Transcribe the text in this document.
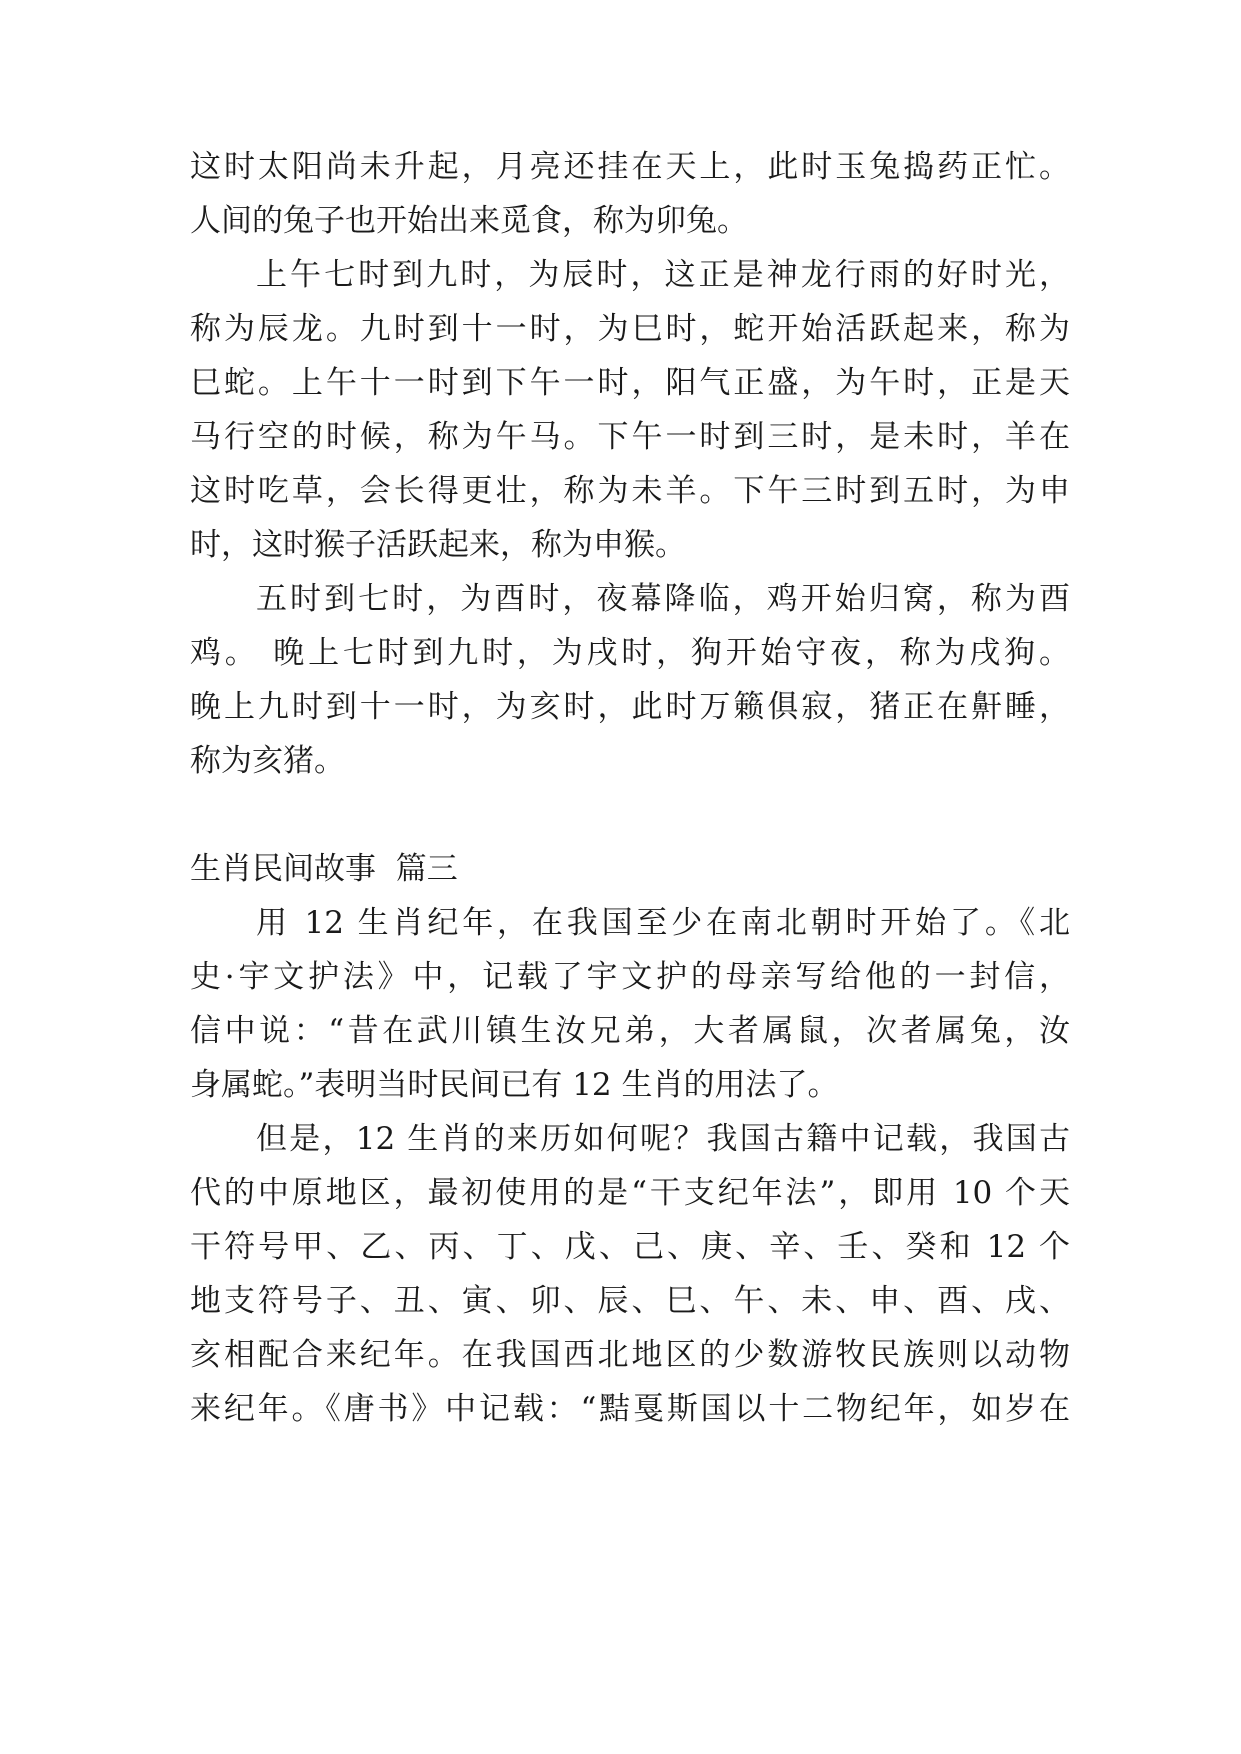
这时太阳尚未升起，月亮还挂在天上，此时玉兔捣药正忙。
人间的兔子也开始出来觅食，称为卯兔。
上午七时到九时，为辰时，这正是神龙行雨的好时光，
称为辰龙。九时到十一时，为巳时，蛇开始活跃起来，称为
巳蛇。上午十一时到下午一时，阳气正盛，为午时，正是天
马行空的时候，称为午马。下午一时到三时，是未时，羊在
这时吃草，会长得更壮，称为未羊。下午三时到五时，为申
时，这时猴子活跃起来，称为申猴。
五时到七时，为酉时，夜幕降临，鸡开始归窝，称为酉
鸡。 晚上七时到九时，为戌时，狗开始守夜，称为戌狗。
晚上九时到十一时，为亥时，此时万籁俱寂，猪正在鼾睡，
称为亥猪。
生肖民间故事  篇三
用 12 生肖纪年，在我国至少在南北朝时开始了。《北
史·宇文护法》中，记载了宇文护的母亲写给他的一封信，
信中说：“昔在武川镇生汝兄弟，大者属鼠，次者属兔，汝
身属蛇。”表明当时民间已有 12 生肖的用法了。
但是，12 生肖的来历如何呢？我国古籍中记载，我国古
代的中原地区，最初使用的是“干支纪年法”，即用 10 个天
干符号甲、乙、丙、丁、戊、己、庚、辛、壬、癸和 12 个
地支符号子、丑、寅、卯、辰、巳、午、未、申、酉、戌、
亥相配合来纪年。在我国西北地区的少数游牧民族则以动物
来纪年。《唐书》中记载：“黠戛斯国以十二物纪年，如岁在
